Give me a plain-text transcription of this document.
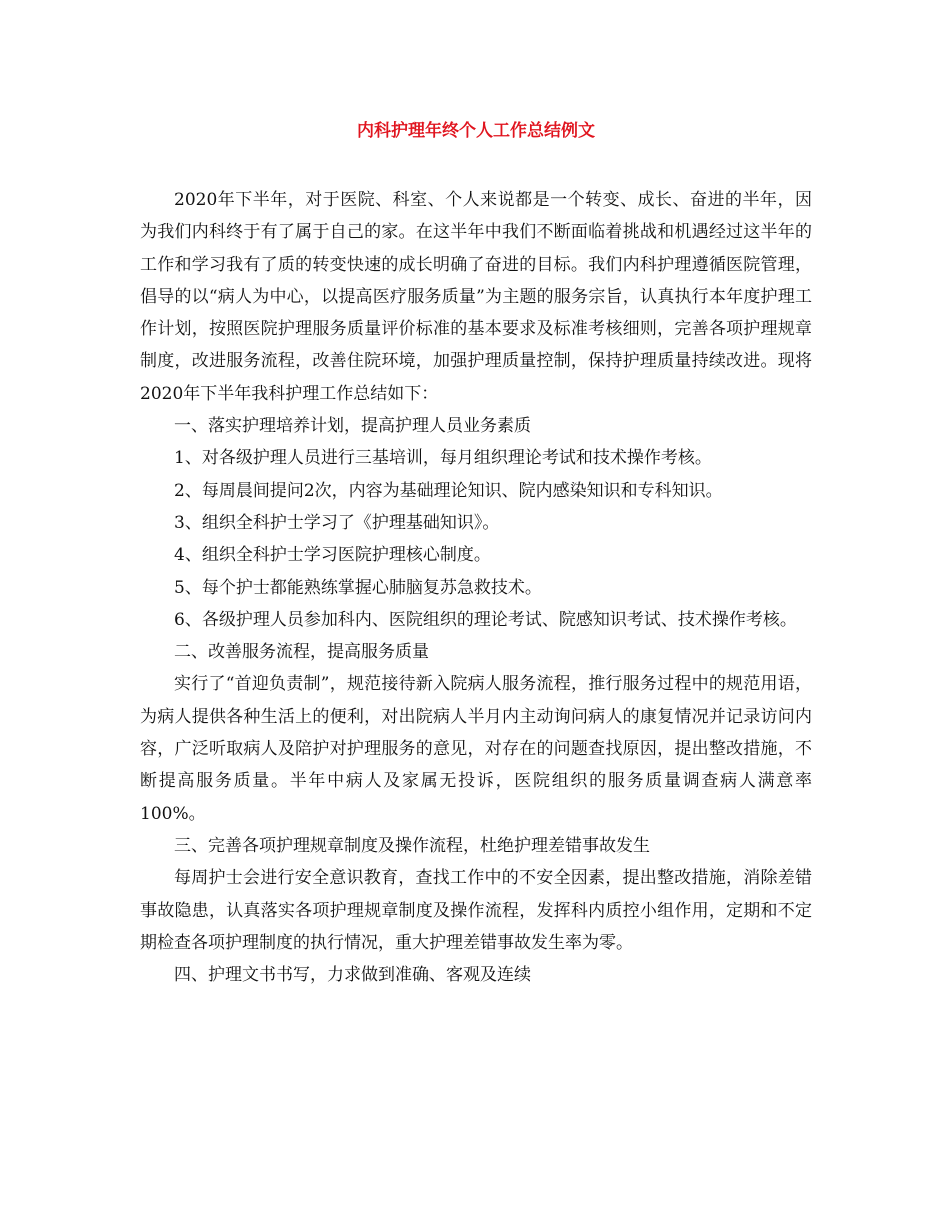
内科护理年终个人工作总结例文

2020年下半年，对于医院、科室、个人来说都是一个转变、成长、奋进的半年，因为我们内科终于有了属于自己的家。在这半年中我们不断面临着挑战和机遇经过这半年的工作和学习我有了质的转变快速的成长明确了奋进的目标。我们内科护理遵循医院管理，倡导的以“病人为中心，以提高医疗服务质量”为主题的服务宗旨，认真执行本年度护理工作计划，按照医院护理服务质量评价标准的基本要求及标准考核细则，完善各项护理规章制度，改进服务流程，改善住院环境，加强护理质量控制，保持护理质量持续改进。现将2020年下半年我科护理工作总结如下：

一、落实护理培养计划，提高护理人员业务素质

1、对各级护理人员进行三基培训，每月组织理论考试和技术操作考核。

2、每周晨间提问2次，内容为基础理论知识、院内感染知识和专科知识。

3、组织全科护士学习了《护理基础知识》。

4、组织全科护士学习医院护理核心制度。

5、每个护士都能熟练掌握心肺脑复苏急救技术。

6、各级护理人员参加科内、医院组织的理论考试、院感知识考试、技术操作考核。

二、改善服务流程，提高服务质量

实行了“首迎负责制”，规范接待新入院病人服务流程，推行服务过程中的规范用语，为病人提供各种生活上的便利，对出院病人半月内主动询问病人的康复情况并记录访问内容，广泛听取病人及陪护对护理服务的意见，对存在的问题查找原因，提出整改措施，不断提高服务质量。半年中病人及家属无投诉，医院组织的服务质量调查病人满意率100%。

三、完善各项护理规章制度及操作流程，杜绝护理差错事故发生

每周护士会进行安全意识教育，查找工作中的不安全因素，提出整改措施，消除差错事故隐患，认真落实各项护理规章制度及操作流程，发挥科内质控小组作用，定期和不定期检查各项护理制度的执行情况，重大护理差错事故发生率为零。

四、护理文书书写，力求做到准确、客观及连续
